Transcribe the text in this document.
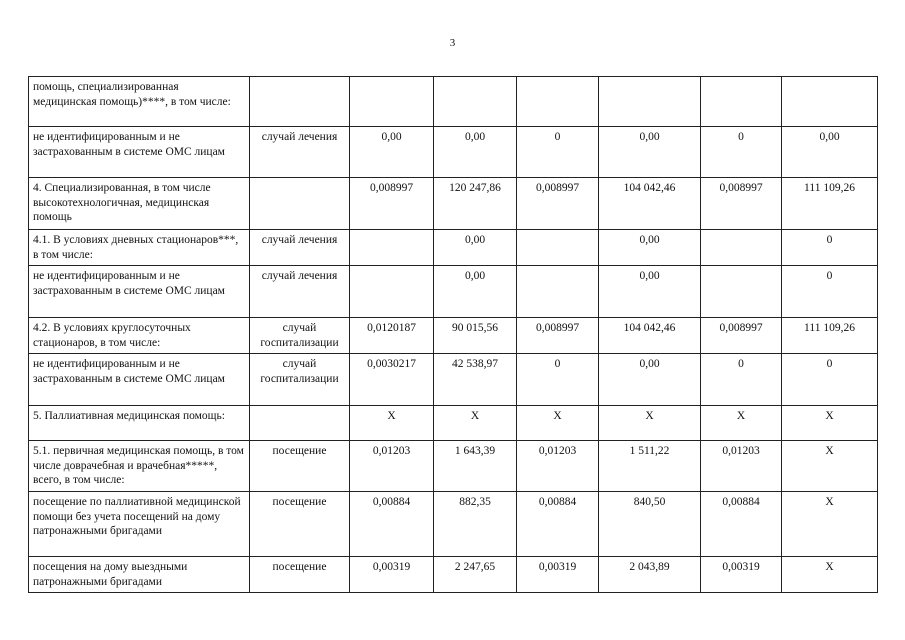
3
помощь, специализированная медицинская помощь)****, в том числе:							
не идентифицированным и не застрахованным в системе ОМС лицам	случай лечения	0,00	0,00	0	0,00	0	0,00
4. Специализированная, в том числе высокотехнологичная, медицинская помощь		0,008997	120 247,86	0,008997	104 042,46	0,008997	111 109,26
4.1. В условиях дневных стационаров***, в том числе:	случай лечения		0,00		0,00		0
не идентифицированным и не застрахованным в системе ОМС лицам	случай лечения		0,00		0,00		0
4.2. В условиях круглосуточных стационаров, в том числе:	случай госпитализации	0,0120187	90 015,56	0,008997	104 042,46	0,008997	111 109,26
не идентифицированным и не застрахованным в системе ОМС лицам	случай госпитализации	0,0030217	42 538,97	0	0,00	0	0
5. Паллиативная медицинская помощь:		X	X	X	X	X	X
5.1. первичная медицинская помощь, в том числе доврачебная и врачебная*****, всего, в том числе:	посещение	0,01203	1 643,39	0,01203	1 511,22	0,01203	X
посещение по паллиативной медицинской помощи без учета посещений на дому патронажными бригадами	посещение	0,00884	882,35	0,00884	840,50	0,00884	X
посещения на дому выездными патронажными бригадами	посещение	0,00319	2 247,65	0,00319	2 043,89	0,00319	X
